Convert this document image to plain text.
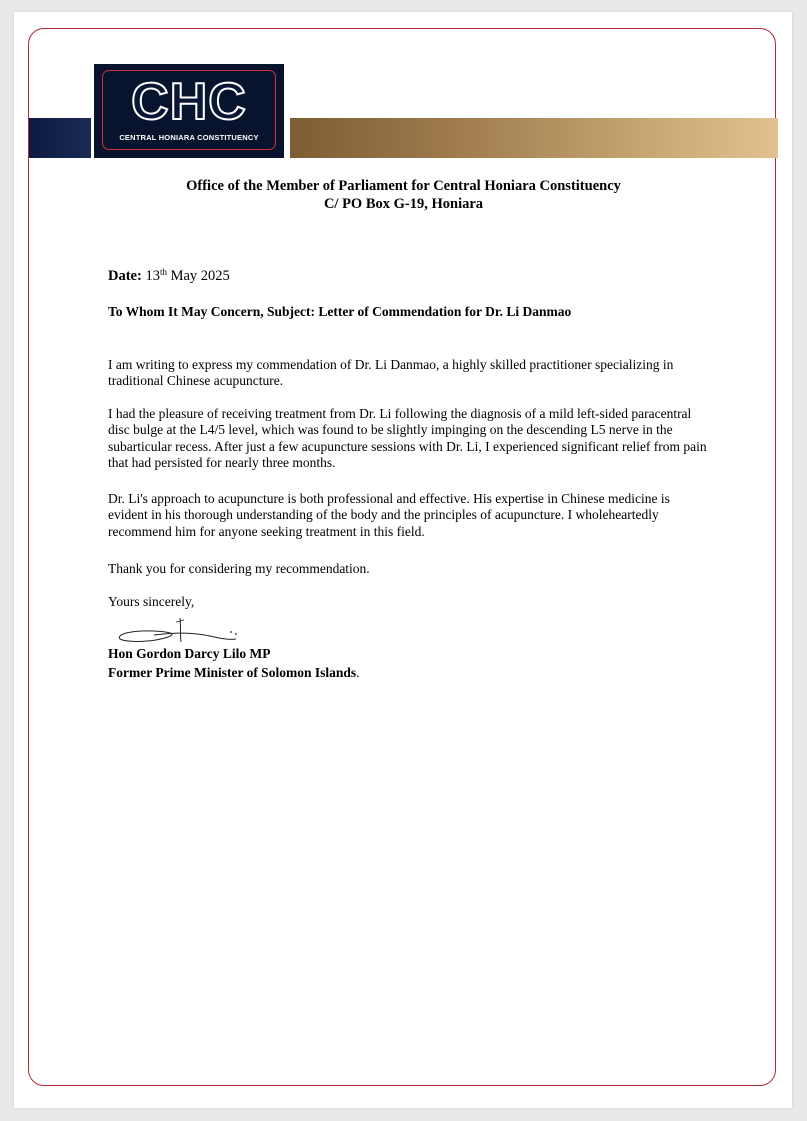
CHC
CENTRAL HONIARA CONSTITUENCY
Office of the Member of Parliament for Central Honiara Constituency
C/ PO Box G-19, Honiara
Date: 13th May 2025
To Whom It May Concern, Subject: Letter of Commendation for Dr. Li Danmao
I am writing to express my commendation of Dr. Li Danmao, a highly skilled practitioner specializing in traditional Chinese acupuncture.
I had the pleasure of receiving treatment from Dr. Li following the diagnosis of a mild left-sided paracentral disc bulge at the L4/5 level, which was found to be slightly impinging on the descending L5 nerve in the subarticular recess. After just a few acupuncture sessions with Dr. Li, I experienced significant relief from pain that had persisted for nearly three months.
Dr. Li's approach to acupuncture is both professional and effective. His expertise in Chinese medicine is evident in his thorough understanding of the body and the principles of acupuncture. I wholeheartedly recommend him for anyone seeking treatment in this field.
Thank you for considering my recommendation.
Yours sincerely,
Hon Gordon Darcy Lilo MP
Former Prime Minister of Solomon Islands.
